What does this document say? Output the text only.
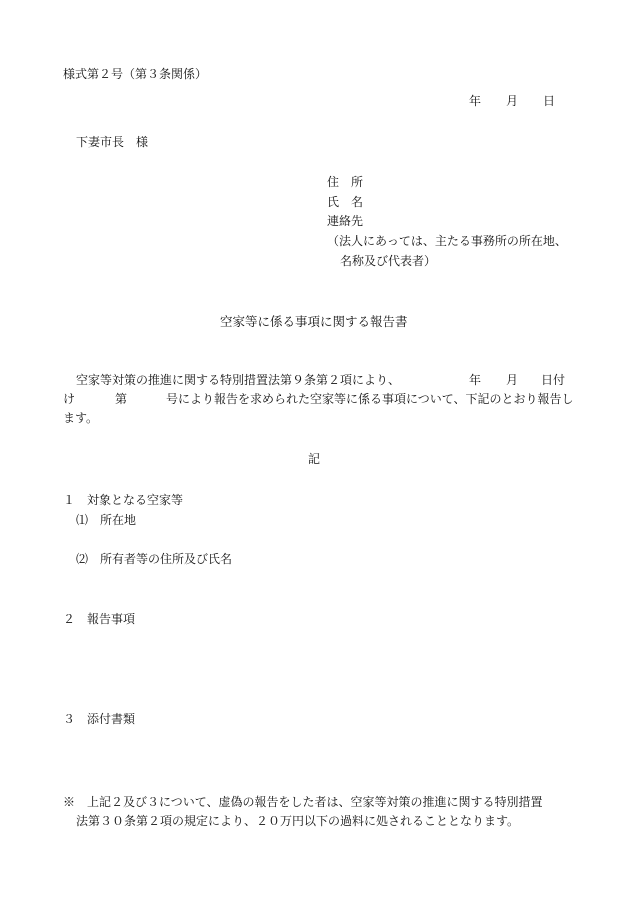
様式第２号（第３条関係）
年 月 日
下妻市長　様
住　所
氏　名
連絡先
（法人にあっては、主たる事務所の所在地、
名称及び代表者）
空家等に係る事項に関する報告書
空家等対策の推進に関する特別措置法第９条第２項により、	年 月 日付
け	第	号により報告を求められた空家等に係る事項について、下記のとおり報告し
ます。
記
１　対象となる空家等
⑴　所在地
⑵　所有者等の住所及び氏名
２　報告事項
３　添付書類
※　上記２及び３について、虚偽の報告をした者は、空家等対策の推進に関する特別措置
法第３０条第２項の規定により、２０万円以下の過料に処されることとなります。
